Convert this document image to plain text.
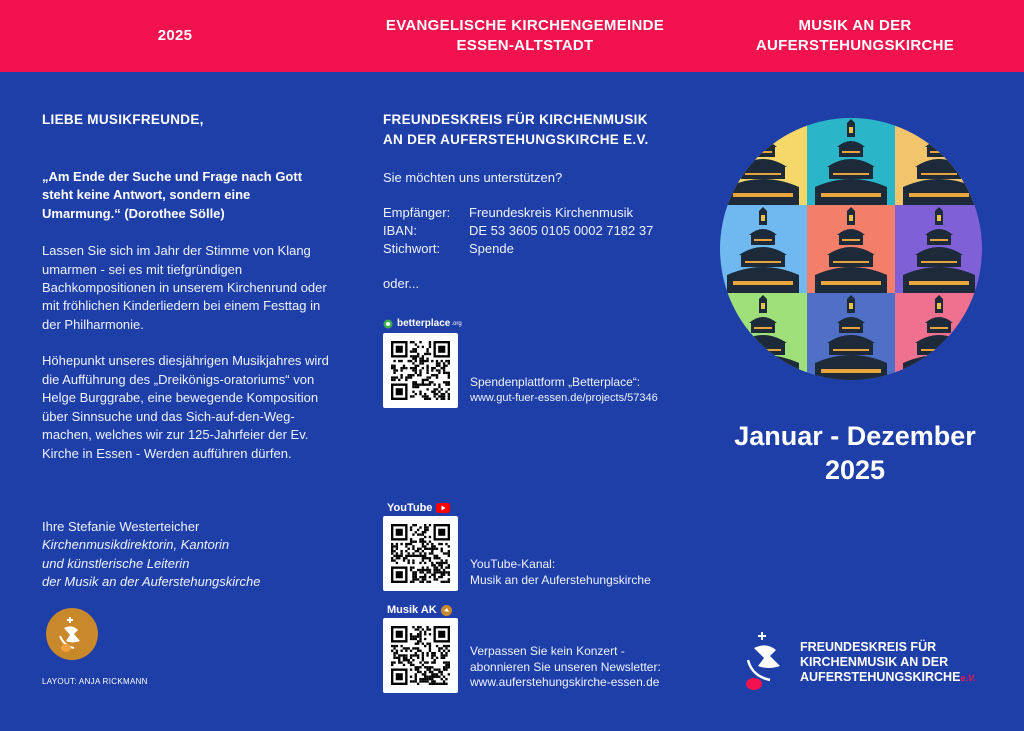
2025
EVANGELISCHE KIRCHENGEMEINDE
ESSEN-ALTSTADT
MUSIK AN DER
AUFERSTEHUNGSKIRCHE
LIEBE MUSIKFREUNDE,
„Am Ende der Suche und Frage nach Gott steht keine Antwort, sondern eine Umarmung.“ (Dorothee Sölle)
Lassen Sie sich im Jahr der Stimme von Klang umarmen - sei es mit tiefgründigen Bachkompositionen in unserem Kirchenrund oder mit fröhlichen Kinderliedern bei einem Festtag in der Philharmonie.
Höhepunkt unseres diesjährigen Musikjahres wird die Aufführung des „Dreikönigs-oratoriums“ von Helge Burggrabe, eine bewegende Komposition über Sinnsuche und das Sich-auf-den-Weg-machen, welches wir zur 125-Jahrfeier der Ev. Kirche in Essen - Werden aufführen dürfen.
Ihre Stefanie Westerteicher
Kirchenmusikdirektorin, Kantorin
und künstlerische Leiterin
der Musik an der Auferstehungskirche
LAYOUT: ANJA RICKMANN
FREUNDESKREIS FÜR KIRCHENMUSIK
AN DER AUFERSTEHUNGSKIRCHE E.V.
Sie möchten uns unterstützen?
Empfänger:	Freundeskreis Kirchenmusik
IBAN:	DE 53 3605 0105 0002 7182 37
Stichwort:	Spende
oder...
betterplace .org
Spendenplattform „Betterplace“:
www.gut-fuer-essen.de/projects/57346
YouTube
YouTube-Kanal:
Musik an der Auferstehungskirche
Musik AK
Verpassen Sie kein Konzert -
abonnieren Sie unseren Newsletter:
www.auferstehungskirche-essen.de
Januar - Dezember
2025
FREUNDESKREIS FÜR
KIRCHENMUSIK AN DER
AUFERSTEHUNGSKIRCHEe.V.
